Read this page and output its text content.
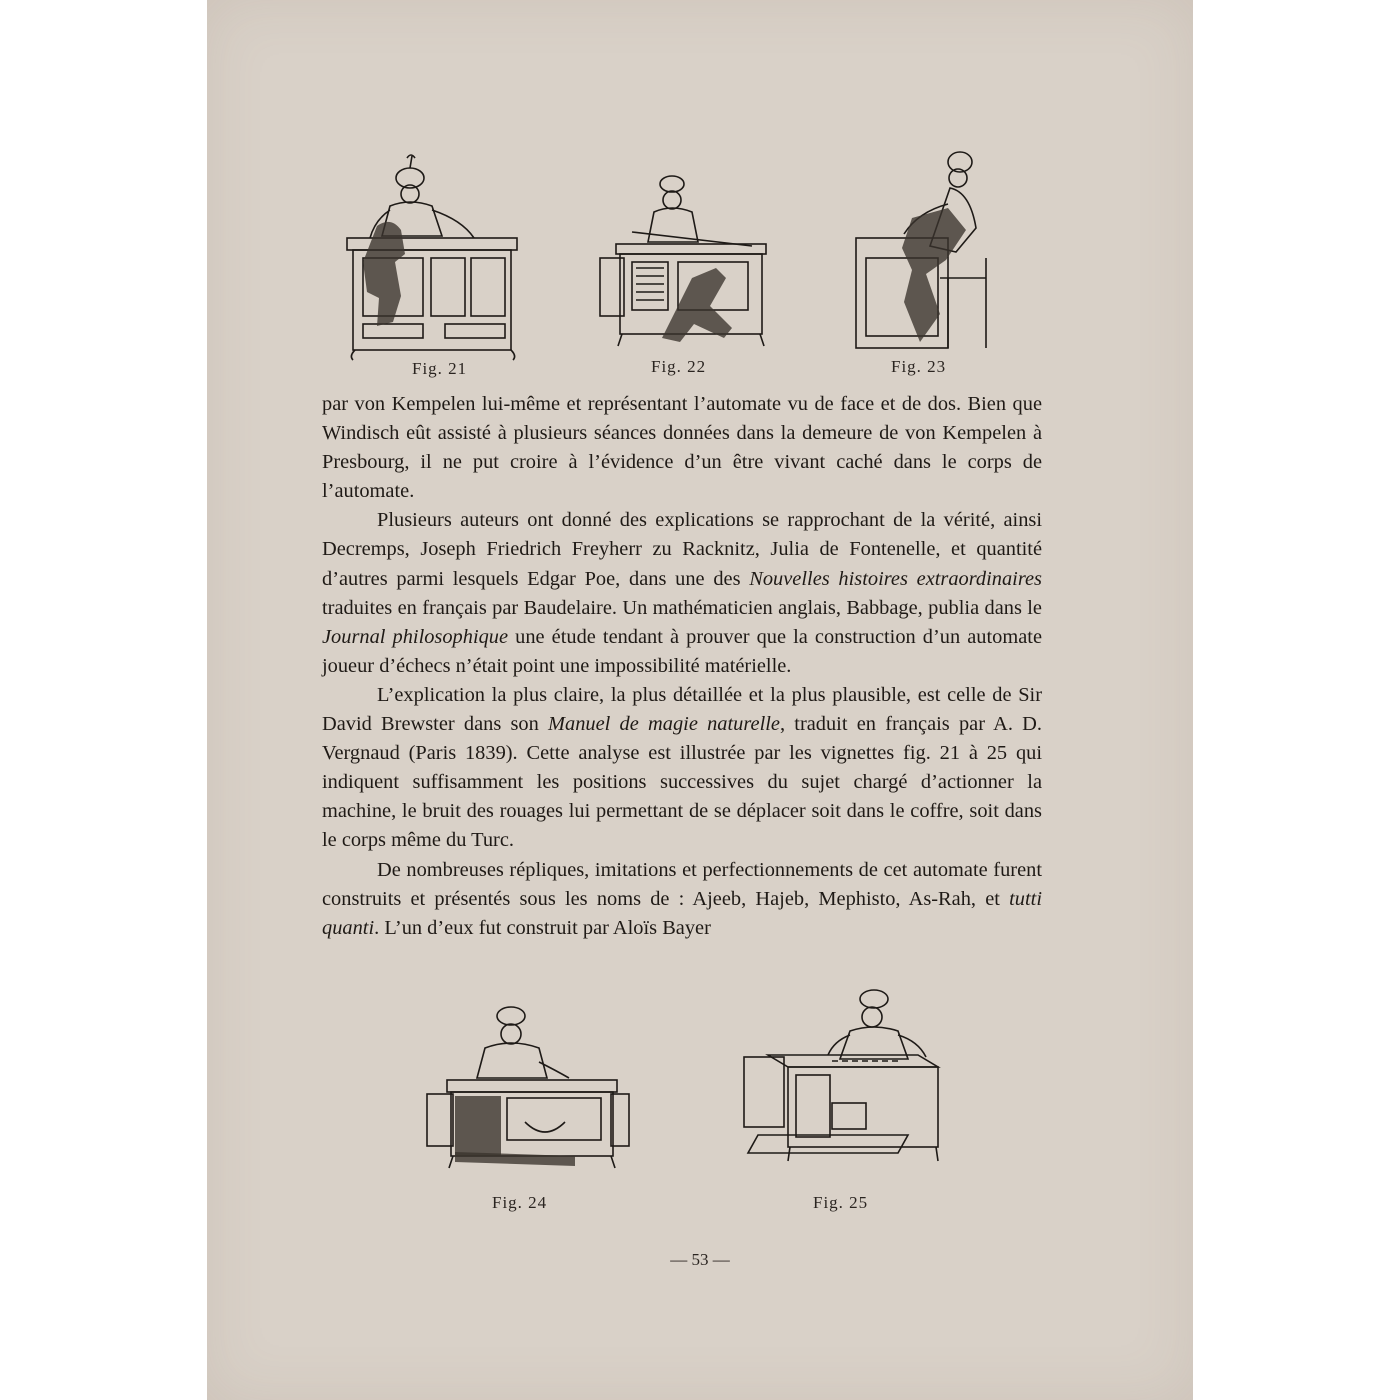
Fig. 21	Fig. 22	Fig. 23

par von Kempelen lui-même et représentant l’automate vu de face et de dos. Bien que Windisch eût assisté à plusieurs séances données dans la demeure de von Kempelen à Presbourg, il ne put croire à l’évidence d’un être vivant caché dans le corps de l’automate.

Plusieurs auteurs ont donné des explications se rapprochant de la vérité, ainsi Decremps, Joseph Friedrich Freyherr zu Racknitz, Julia de Fontenelle, et quantité d’autres parmi lesquels Edgar Poe, dans une des Nouvelles histoires extraordinaires traduites en français par Baudelaire. Un mathématicien anglais, Babbage, publia dans le Journal philosophique une étude tendant à prouver que la construction d’un automate joueur d’échecs n’était point une impossibilité matérielle.

L’explication la plus claire, la plus détaillée et la plus plausible, est celle de Sir David Brewster dans son Manuel de magie naturelle, traduit en français par A. D. Vergnaud (Paris 1839). Cette analyse est illustrée par les vignettes fig. 21 à 25 qui indiquent suffisamment les positions successives du sujet chargé d’actionner la machine, le bruit des rouages lui permettant de se déplacer soit dans le coffre, soit dans le corps même du Turc.

De nombreuses répliques, imitations et perfectionnements de cet automate furent construits et présentés sous les noms de : Ajeeb, Hajeb, Mephisto, As-Rah, et tutti quanti. L’un d’eux fut construit par Aloïs Bayer

Fig. 24	Fig. 25
— 53 —
